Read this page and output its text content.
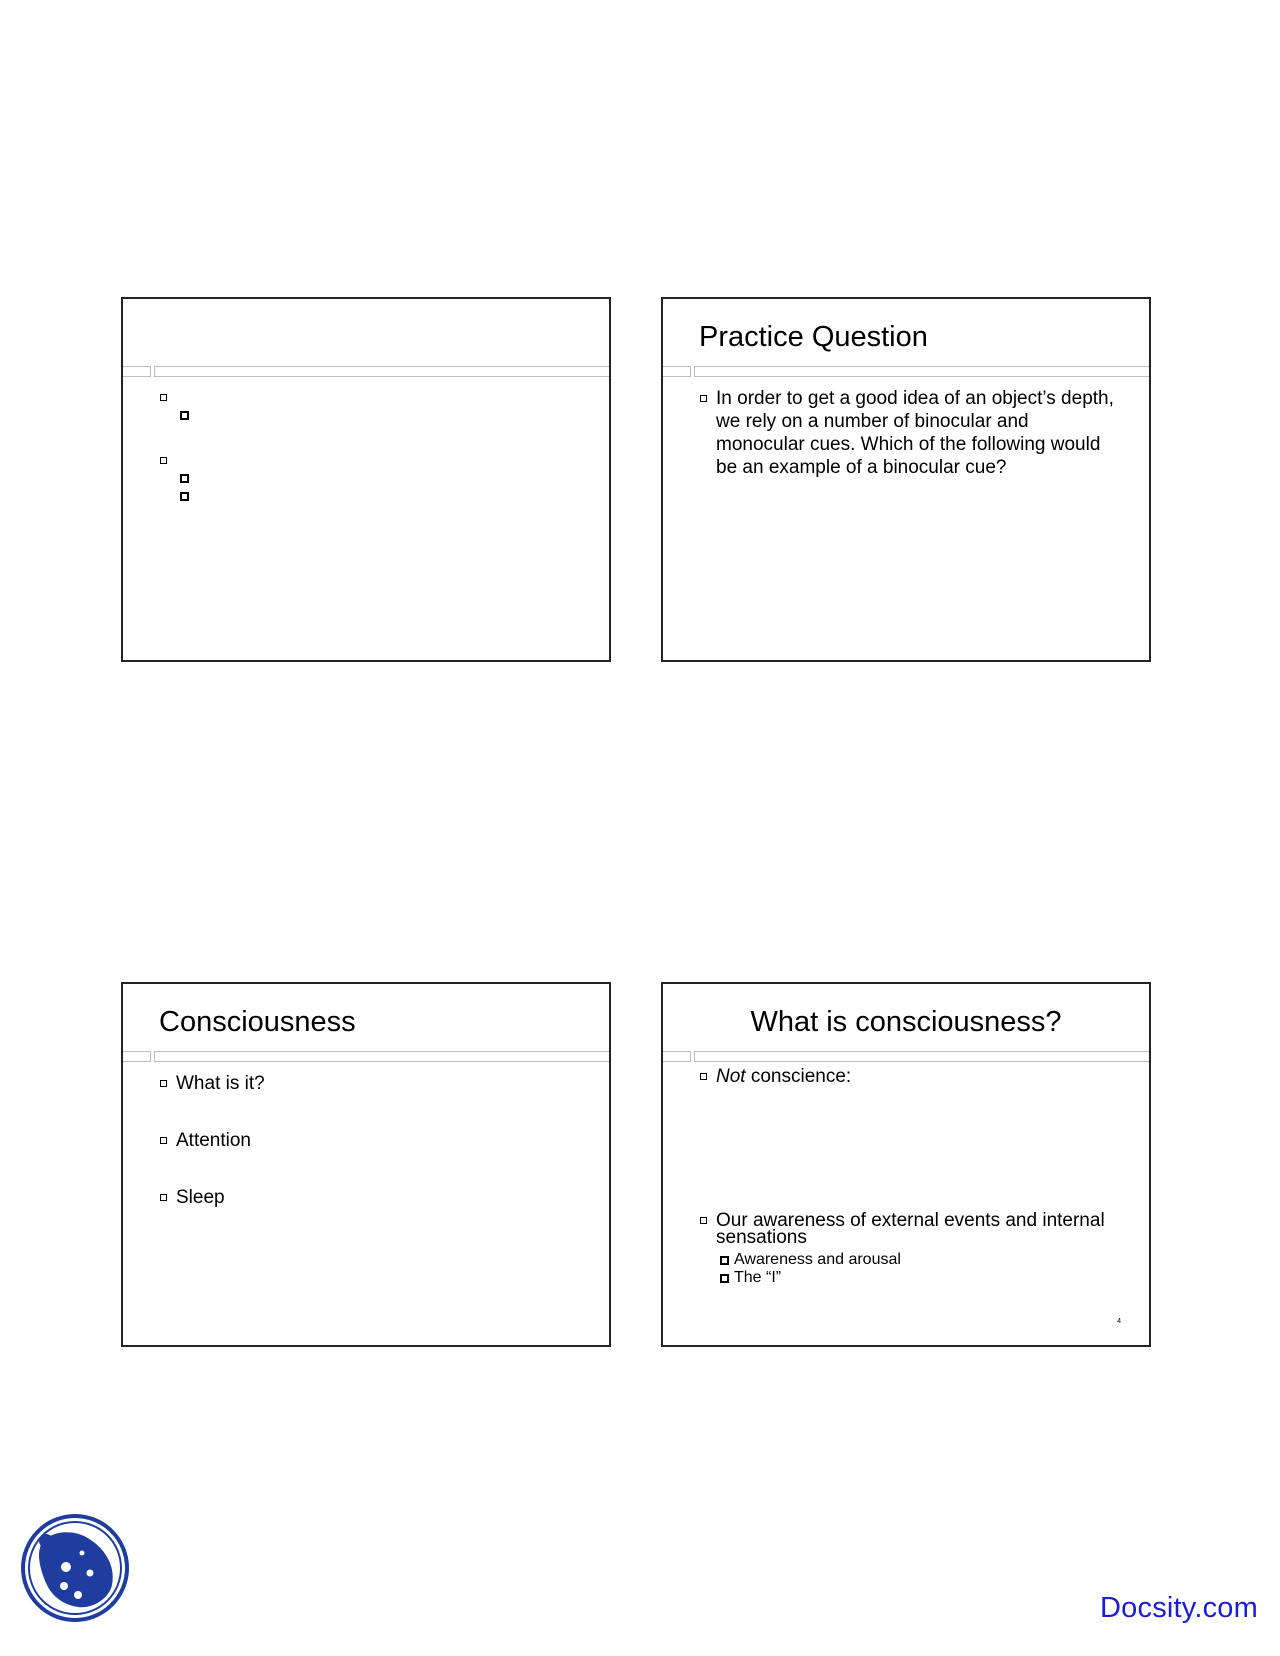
Practice Question
In order to get a good idea of an object’s depth, we rely on a number of binocular and monocular cues. Which of the following would be an example of a binocular cue?
Consciousness
What is it?
Attention
Sleep
What is consciousness?
Not conscience:
Our awareness of external events and internal sensations
Awareness and arousal
The “I”
4
Docsity.com
